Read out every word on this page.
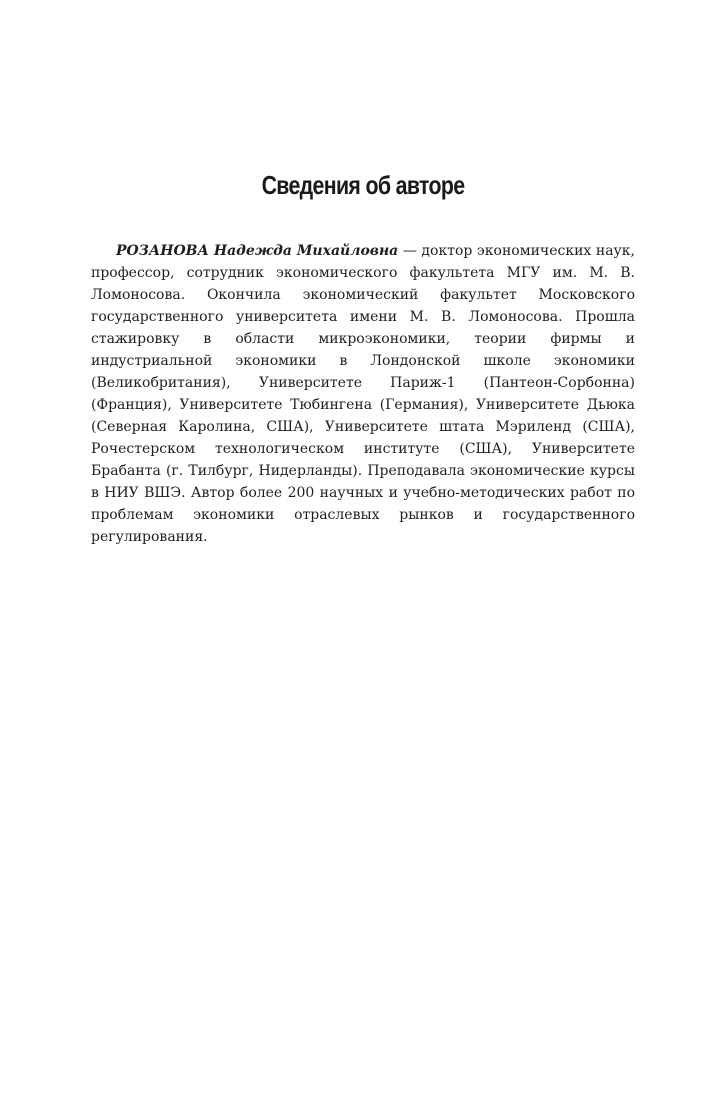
Сведения об авторе

РОЗАНОВА Надежда Михайловна — доктор экономических наук, профессор, сотрудник экономического факультета МГУ им. М. В. Ломоносова. Окончила экономический факультет Московского государственного университета имени М. В. Ломоносова. Прошла стажировку в области микроэкономики, теории фирмы и индустриальной экономики в Лондонской школе экономики (Великобритания), Университете Париж-1 (Пантеон-Сорбонна) (Франция), Университете Тюбингена (Германия), Университете Дьюка (Северная Каролина, США), Университете штата Мэриленд (США), Рочестерском технологическом институте (США), Университете Брабанта (г. Тилбург, Нидерланды). Преподавала экономические курсы в НИУ ВШЭ. Автор более 200 научных и учебно-методических работ по проблемам экономики отраслевых рынков и государственного регулирования.
